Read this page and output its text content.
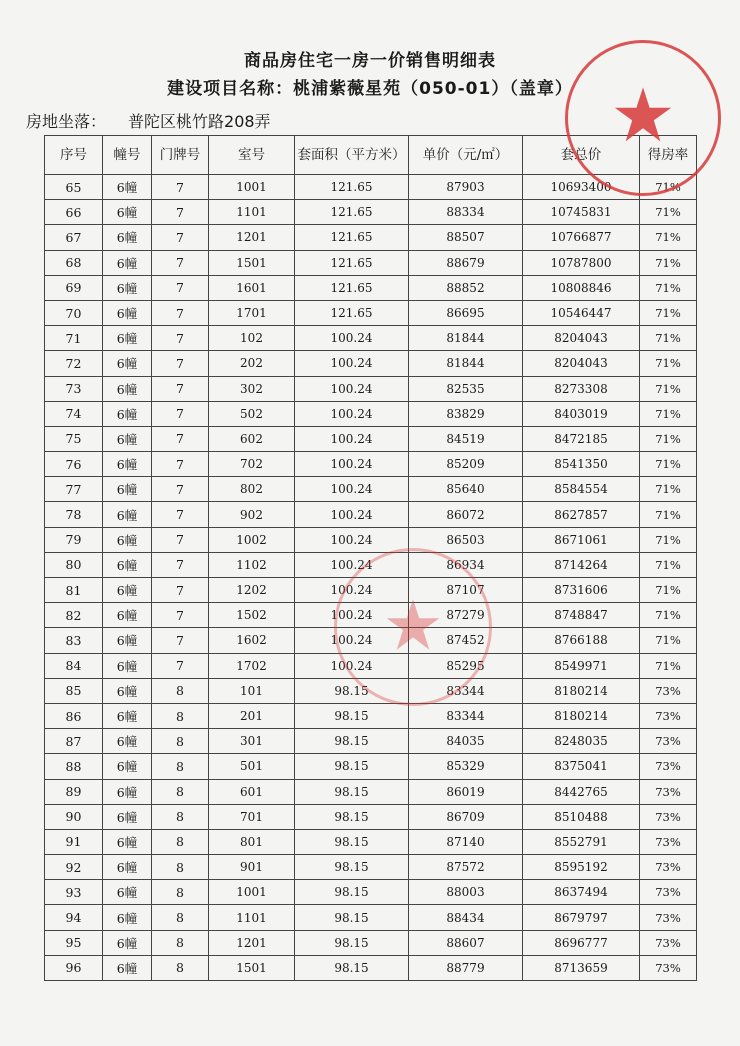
商品房住宅一房一价销售明细表
建设项目名称：桃浦紫薇星苑（050-01）（盖章）
房地坐落： 普陀区桃竹路208弄
序号	幢号	门牌号	室号	套面积（平方米）	单价（元/㎡）	套总价	得房率
65	6幢	7	1001	121.65	87903	10693400	71%
66	6幢	7	1101	121.65	88334	10745831	71%
67	6幢	7	1201	121.65	88507	10766877	71%
68	6幢	7	1501	121.65	88679	10787800	71%
69	6幢	7	1601	121.65	88852	10808846	71%
70	6幢	7	1701	121.65	86695	10546447	71%
71	6幢	7	102	100.24	81844	8204043	71%
72	6幢	7	202	100.24	81844	8204043	71%
73	6幢	7	302	100.24	82535	8273308	71%
74	6幢	7	502	100.24	83829	8403019	71%
75	6幢	7	602	100.24	84519	8472185	71%
76	6幢	7	702	100.24	85209	8541350	71%
77	6幢	7	802	100.24	85640	8584554	71%
78	6幢	7	902	100.24	86072	8627857	71%
79	6幢	7	1002	100.24	86503	8671061	71%
80	6幢	7	1102	100.24	86934	8714264	71%
81	6幢	7	1202	100.24	87107	8731606	71%
82	6幢	7	1502	100.24	87279	8748847	71%
83	6幢	7	1602	100.24	87452	8766188	71%
84	6幢	7	1702	100.24	85295	8549971	71%
85	6幢	8	101	98.15	83344	8180214	73%
86	6幢	8	201	98.15	83344	8180214	73%
87	6幢	8	301	98.15	84035	8248035	73%
88	6幢	8	501	98.15	85329	8375041	73%
89	6幢	8	601	98.15	86019	8442765	73%
90	6幢	8	701	98.15	86709	8510488	73%
91	6幢	8	801	98.15	87140	8552791	73%
92	6幢	8	901	98.15	87572	8595192	73%
93	6幢	8	1001	98.15	88003	8637494	73%
94	6幢	8	1101	98.15	88434	8679797	73%
95	6幢	8	1201	98.15	88607	8696777	73%
96	6幢	8	1501	98.15	88779	8713659	73%
